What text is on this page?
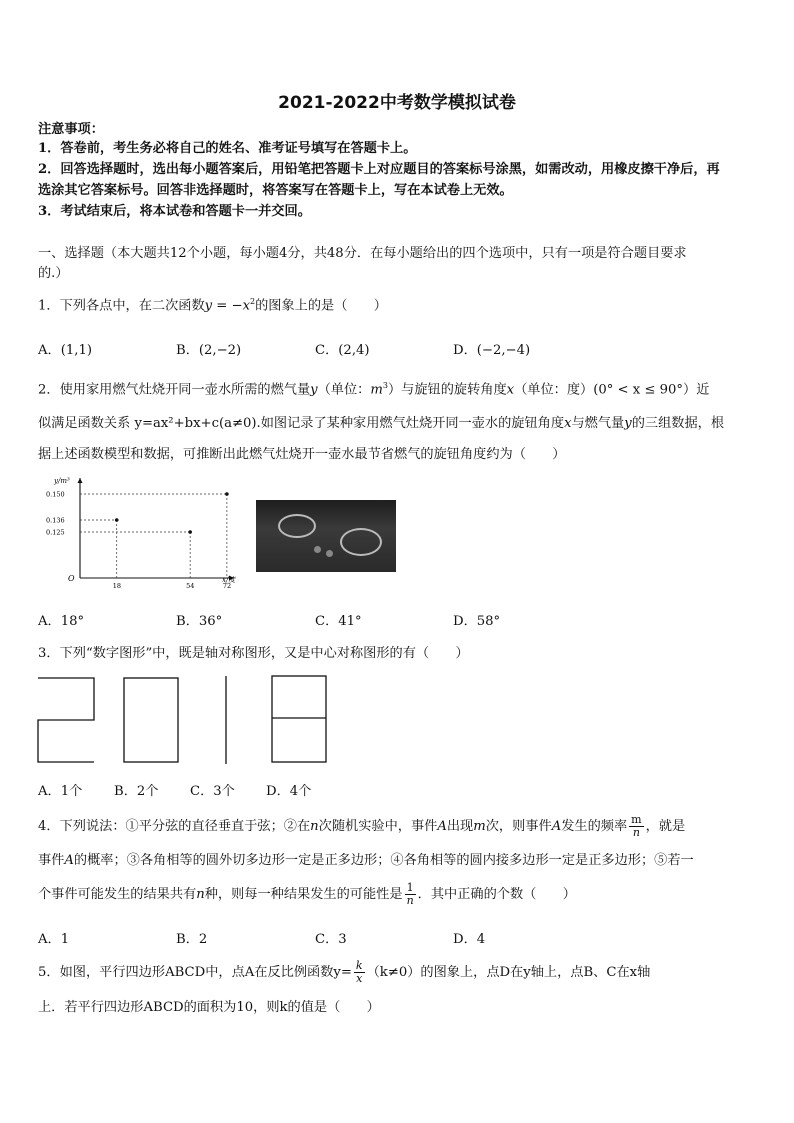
2021-2022中考数学模拟试卷
注意事项：
1．答卷前，考生务必将自己的姓名、准考证号填写在答题卡上。
2．回答选择题时，选出每小题答案后，用铅笔把答题卡上对应题目的答案标号涂黑，如需改动，用橡皮擦干净后，再
选涂其它答案标号。回答非选择题时，将答案写在答题卡上，写在本试卷上无效。
3．考试结束后，将本试卷和答题卡一并交回。
一、选择题（本大题共12个小题，每小题4分，共48分．在每小题给出的四个选项中，只有一项是符合题目要求
的.）
1．下列各点中，在二次函数$y = -x^2$的图象上的是（　　）
A．(1,1)	B．(2,−2)	C．(2,4)	D．(−2,−4)
2．使用家用燃气灶烧开同一壶水所需的燃气量y（单位：$m^3$）与旋钮的旋转角度x（单位：度）(0° < x ≤ 90°）近
似满足函数关系 y=ax²+bx+c(a≠0).如图记录了某种家用燃气灶烧开同一壶水的旋钮角度x与燃气量y的三组数据，根
据上述函数模型和数据，可推断出此燃气灶烧开一壶水最节省燃气的旋钮角度约为（　　）
y/m³
x/度
O
0.150
0.136
0.125
18	54	72
A．18°	B．36°	C．41°	D．58°
3．下列“数字图形”中，既是轴对称图形，又是中心对称图形的有（　　）
A．1个 B．2个 C．3个 D．4个
4．下列说法：①平分弦的直径垂直于弦；②在n次随机实验中，事件A出现m次，则事件A发生的频率 $\frac{m}{n}$ ，就是
事件A的概率；③各角相等的圆外切多边形一定是正多边形；④各角相等的圆内接多边形一定是正多边形；⑤若一
个事件可能发生的结果共有n种，则每一种结果发生的可能性是 $\frac{1}{n}$ ．其中正确的个数（　　）
A．1	B．2	C．3	D．4
5．如图，平行四边形ABCD中，点A在反比例函数$y= \frac{k}{x} (k\ne 0)$的图象上，点D在y轴上，点B、C在x轴
上．若平行四边形ABCD的面积为10，则k的值是（　　）
